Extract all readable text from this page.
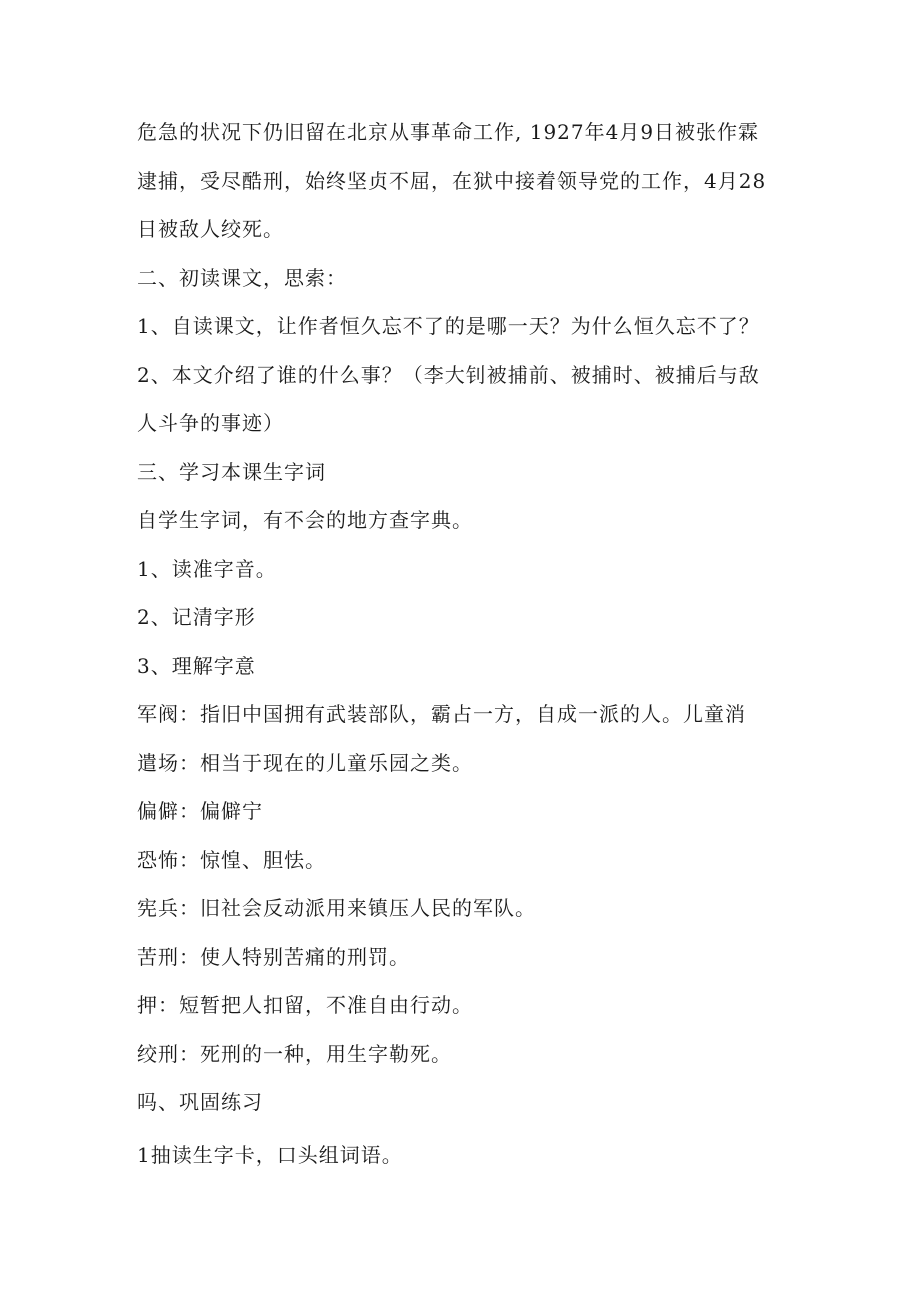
危急的状况下仍旧留在北京从事革命工作, 1927年4月9日被张作霖
逮捕，受尽酷刑，始终坚贞不屈，在狱中接着领导党的工作，4月28
日被敌人绞死。
二、初读课文，思索：
1、自读课文，让作者恒久忘不了的是哪一天？为什么恒久忘不了？
2、本文介绍了谁的什么事？（李大钊被捕前、被捕时、被捕后与敌
人斗争的事迹）
三、学习本课生字词
自学生字词，有不会的地方查字典。
1、读准字音。
2、记清字形
3、理解字意
军阀：指旧中国拥有武装部队，霸占一方，自成一派的人。儿童消
遣场：相当于现在的儿童乐园之类。
偏僻：偏僻宁
恐怖：惊惶、胆怯。
宪兵：旧社会反动派用来镇压人民的军队。
苦刑：使人特别苦痛的刑罚。
押：短暂把人扣留，不准自由行动。
绞刑：死刑的一种，用生字勒死。
吗、巩固练习
1抽读生字卡，口头组词语。
